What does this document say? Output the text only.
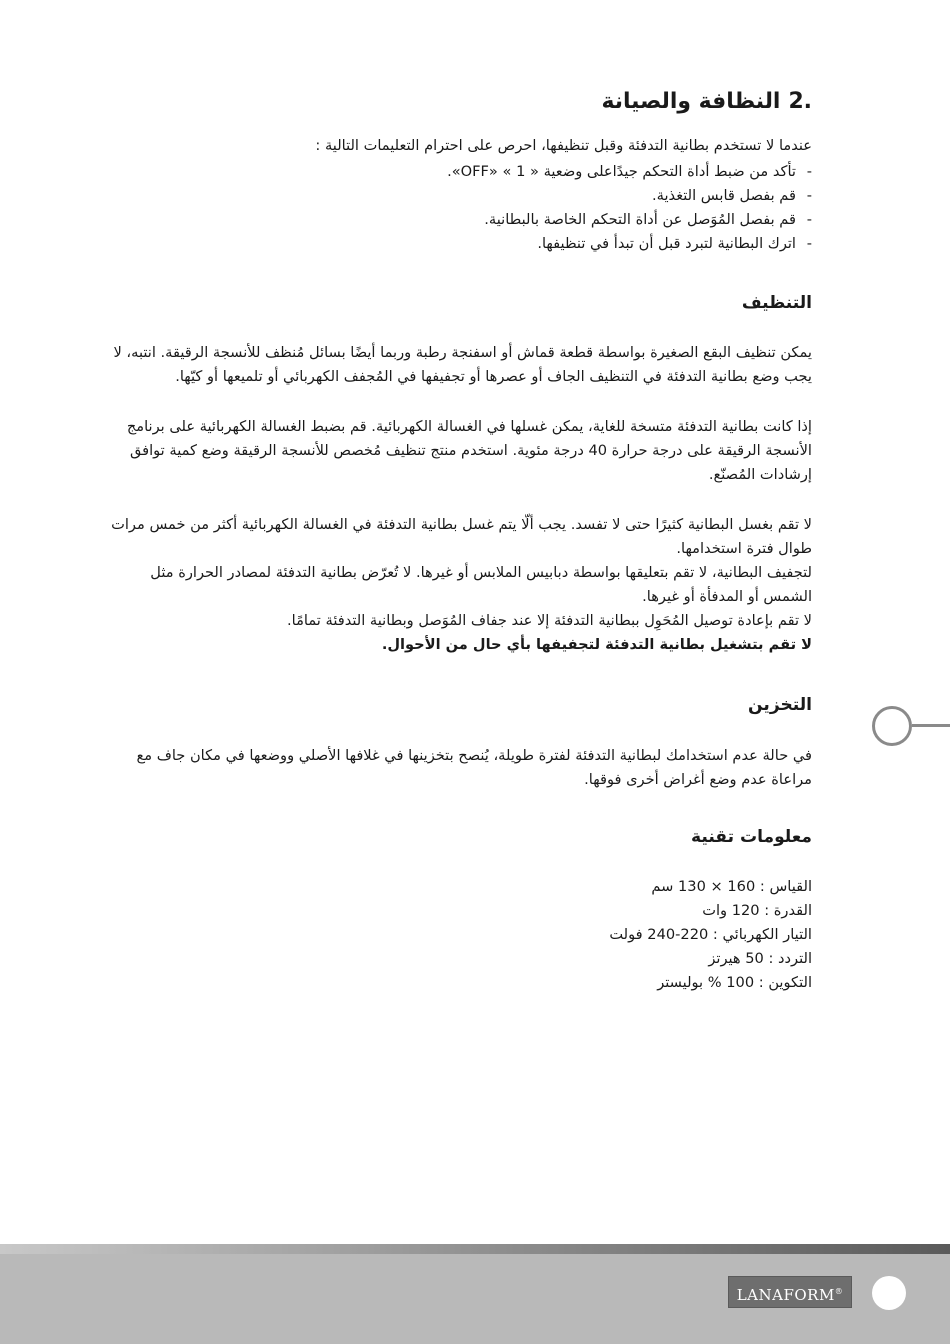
.2النظافة والصيانة

عندما لا تستخدم بطانية التدفئة وقبل تنظيفها، احرص على احترام التعليمات التالية :

- تأكد من ضبط أداة التحكم جيدًاعلى وضعية « 1 » «OFF».
- قم بفصل قابس التغذية.
- قم بفصل المُوَصل عن أداة التحكم الخاصة بالبطانية.
- اترك البطانية لتبرد قبل أن تبدأ في تنظيفها.
التنظيف

يمكن تنظيف البقع الصغيرة بواسطة قطعة قماش أو اسفنجة رطبة وربما أيضًا بسائل مُنظف للأنسجة الرقيقة. انتبه، لا يجب وضع بطانية التدفئة في التنظيف الجاف أو عصرها أو تجفيفها في المُجفف الكهربائي أو تلميعها أو كيّها.

إذا كانت بطانية التدفئة متسخة للغاية، يمكن غسلها في الغسالة الكهربائية. قم بضبط الغسالة الكهربائية على برنامج الأنسجة الرقيقة على درجة حرارة 40 درجة مئوية. استخدم منتج تنظيف مُخصص للأنسجة الرقيقة وضع كمية توافق إرشادات المُصنّع.

لا تقم بغسل البطانية كثيرًا حتى لا تفسد. يجب ألّا يتم غسل بطانية التدفئة في الغسالة الكهربائية أكثر من خمس مرات طوال فترة استخدامها.

لتجفيف البطانية، لا تقم بتعليقها بواسطة دبابيس الملابس أو غيرها. لا تُعرّض بطانية التدفئة لمصادر الحرارة مثل الشمس أو المدفأة أو غيرها.

لا تقم بإعادة توصيل المُحَوِل ببطانية التدفئة إلا عند جفاف المُوَصل وبطانية التدفئة تمامًا.

لا تقم بتشغيل بطانية التدفئة لتجفيفها بأي حال من الأحوال.

التخزين

في حالة عدم استخدامك لبطانية التدفئة لفترة طويلة، يُنصح بتخزينها في غلافها الأصلي ووضعها في مكان جاف مع مراعاة عدم وضع أغراض أخرى فوقها.

معلومات تقنية

القياس : 160 × 130 سم

القدرة : 120 وات

التيار الكهربائي : 220-240 فولت

التردد : 50 هيرتز

التكوين : 100 % بوليستر

LANAFORM®
